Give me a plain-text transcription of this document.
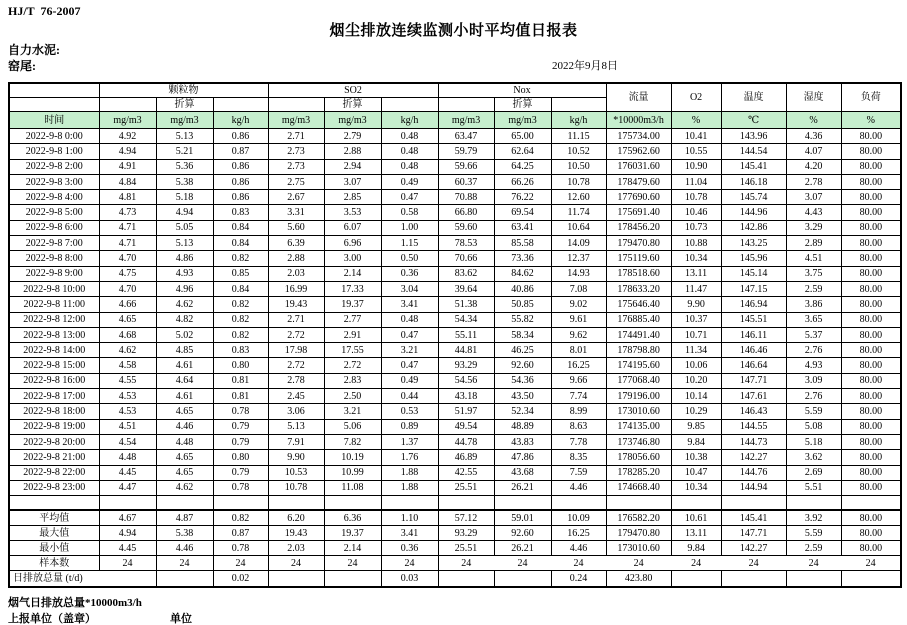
HJ/T  76-2007
烟尘排放连续监测小时平均值日报表
自力水泥:
窑尾:	2022年9月8日
	颗粒物			SO2			Nox			流量	O2	温度	湿度	负荷
		折算			折算			折算						
时间	mg/m3	mg/m3	kg/h	mg/m3	mg/m3	kg/h	mg/m3	mg/m3	kg/h	*10000m3/h	%	℃	%	%
2022-9-8 0:00	4.92	5.13	0.86	2.71	2.79	0.48	63.47	65.00	11.15	175734.00	10.41	143.96	4.36	80.00
2022-9-8 1:00	4.94	5.21	0.87	2.73	2.88	0.48	59.79	62.64	10.52	175962.60	10.55	144.54	4.07	80.00
2022-9-8 2:00	4.91	5.36	0.86	2.73	2.94	0.48	59.66	64.25	10.50	176031.60	10.90	145.41	4.20	80.00
2022-9-8 3:00	4.84	5.38	0.86	2.75	3.07	0.49	60.37	66.26	10.78	178479.60	11.04	146.18	2.78	80.00
2022-9-8 4:00	4.81	5.18	0.86	2.67	2.85	0.47	70.88	76.22	12.60	177690.60	10.78	145.74	3.07	80.00
2022-9-8 5:00	4.73	4.94	0.83	3.31	3.53	0.58	66.80	69.54	11.74	175691.40	10.46	144.96	4.43	80.00
2022-9-8 6:00	4.71	5.05	0.84	5.60	6.07	1.00	59.60	63.41	10.64	178456.20	10.73	142.86	3.29	80.00
2022-9-8 7:00	4.71	5.13	0.84	6.39	6.96	1.15	78.53	85.58	14.09	179470.80	10.88	143.25	2.89	80.00
2022-9-8 8:00	4.70	4.86	0.82	2.88	3.00	0.50	70.66	73.36	12.37	175119.60	10.34	145.96	4.51	80.00
2022-9-8 9:00	4.75	4.93	0.85	2.03	2.14	0.36	83.62	84.62	14.93	178518.60	13.11	145.14	3.75	80.00
2022-9-8 10:00	4.70	4.96	0.84	16.99	17.33	3.04	39.64	40.86	7.08	178633.20	11.47	147.15	2.59	80.00
2022-9-8 11:00	4.66	4.62	0.82	19.43	19.37	3.41	51.38	50.85	9.02	175646.40	9.90	146.94	3.86	80.00
2022-9-8 12:00	4.65	4.82	0.82	2.71	2.77	0.48	54.34	55.82	9.61	176885.40	10.37	145.51	3.65	80.00
2022-9-8 13:00	4.68	5.02	0.82	2.72	2.91	0.47	55.11	58.34	9.62	174491.40	10.71	146.11	5.37	80.00
2022-9-8 14:00	4.62	4.85	0.83	17.98	17.55	3.21	44.81	46.25	8.01	178798.80	11.34	146.46	2.76	80.00
2022-9-8 15:00	4.58	4.61	0.80	2.72	2.72	0.47	93.29	92.60	16.25	174195.60	10.06	146.64	4.93	80.00
2022-9-8 16:00	4.55	4.64	0.81	2.78	2.83	0.49	54.56	54.36	9.66	177068.40	10.20	147.71	3.09	80.00
2022-9-8 17:00	4.53	4.61	0.81	2.45	2.50	0.44	43.18	43.50	7.74	179196.00	10.14	147.61	2.76	80.00
2022-9-8 18:00	4.53	4.65	0.78	3.06	3.21	0.53	51.97	52.34	8.99	173010.60	10.29	146.43	5.59	80.00
2022-9-8 19:00	4.51	4.46	0.79	5.13	5.06	0.89	49.54	48.89	8.63	174135.00	9.85	144.55	5.08	80.00
2022-9-8 20:00	4.54	4.48	0.79	7.91	7.82	1.37	44.78	43.83	7.78	173746.80	9.84	144.73	5.18	80.00
2022-9-8 21:00	4.48	4.65	0.80	9.90	10.19	1.76	46.89	47.86	8.35	178056.60	10.38	142.27	3.62	80.00
2022-9-8 22:00	4.45	4.65	0.79	10.53	10.99	1.88	42.55	43.68	7.59	178285.20	10.47	144.76	2.69	80.00
2022-9-8 23:00	4.47	4.62	0.78	10.78	11.08	1.88	25.51	26.21	4.46	174668.40	10.34	144.94	5.51	80.00

平均值	4.67	4.87	0.82	6.20	6.36	1.10	57.12	59.01	10.09	176582.20	10.61	145.41	3.92	80.00
最大值	4.94	5.38	0.87	19.43	19.37	3.41	93.29	92.60	16.25	179470.80	13.11	147.71	5.59	80.00
最小值	4.45	4.46	0.78	2.03	2.14	0.36	25.51	26.21	4.46	173010.60	9.84	142.27	2.59	80.00
样本数	24	24	24	24	24	24	24	24	24	24	24	24	24	24
日排放总量 (t/d)			0.02			0.03			0.24	423.80				
烟气日排放总量*10000m3/h
上报单位（盖章）	单位
